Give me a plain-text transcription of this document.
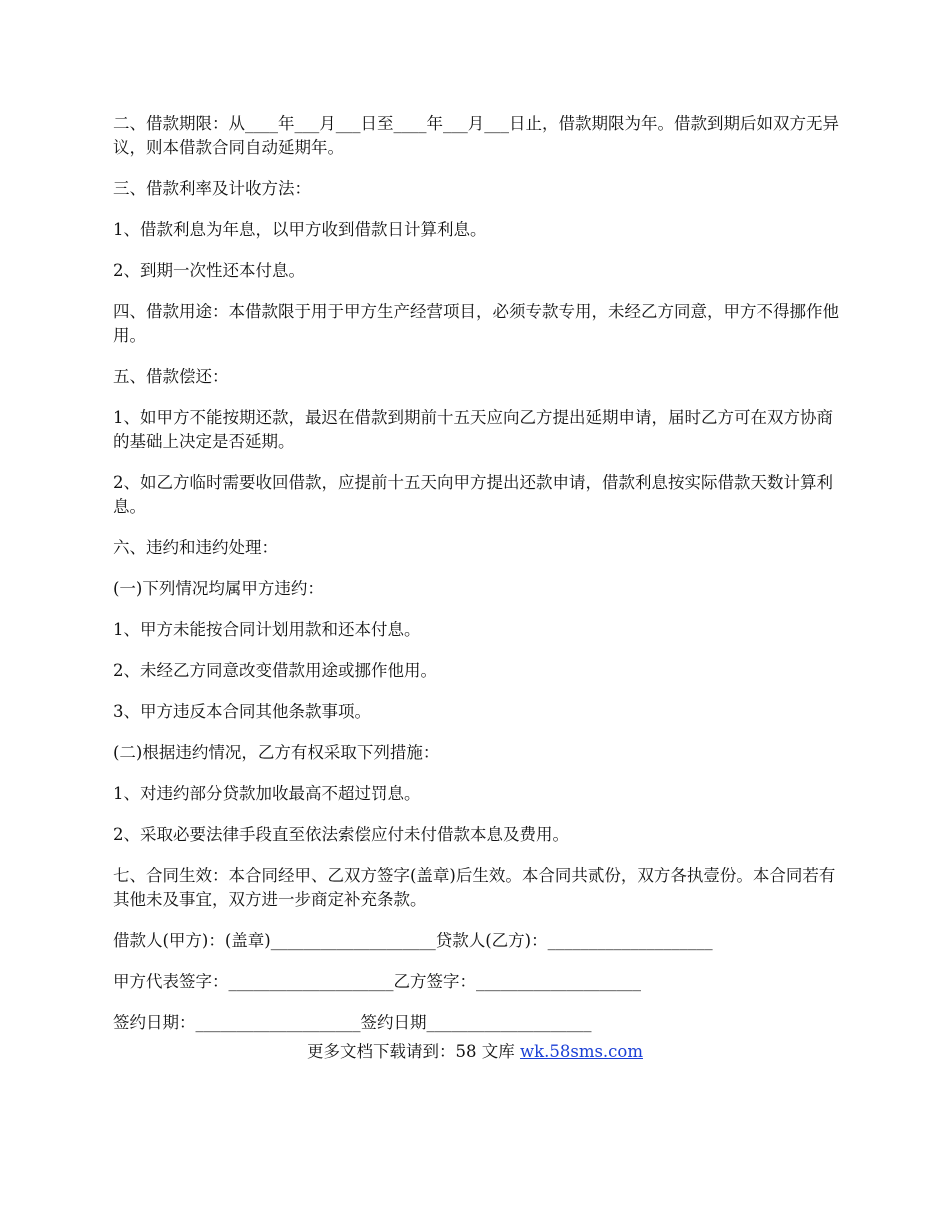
二、借款期限：从____年___月___日至____年___月___日止，借款期限为年。借款到期后如双方无异议，则本借款合同自动延期年。

三、借款利率及计收方法：

1、借款利息为年息，以甲方收到借款日计算利息。

2、到期一次性还本付息。

四、借款用途：本借款限于用于甲方生产经营项目，必须专款专用，未经乙方同意，甲方不得挪作他用。

五、借款偿还：

1、如甲方不能按期还款，最迟在借款到期前十五天应向乙方提出延期申请，届时乙方可在双方协商的基础上决定是否延期。

2、如乙方临时需要收回借款，应提前十五天向甲方提出还款申请，借款利息按实际借款天数计算利息。

六、违约和违约处理：

(一)下列情况均属甲方违约：

1、甲方未能按合同计划用款和还本付息。

2、未经乙方同意改变借款用途或挪作他用。

3、甲方违反本合同其他条款事项。

(二)根据违约情况，乙方有权采取下列措施：

1、对违约部分贷款加收最高不超过罚息。

2、采取必要法律手段直至依法索偿应付未付借款本息及费用。

七、合同生效：本合同经甲、乙双方签字(盖章)后生效。本合同共贰份，双方各执壹份。本合同若有其他未及事宜，双方进一步商定补充条款。

借款人(甲方)：(盖章)____________________贷款人(乙方)：____________________

甲方代表签字：____________________乙方签字：____________________

签约日期：____________________签约日期____________________

更多文档下载请到：58 文库 wk.58sms.com
